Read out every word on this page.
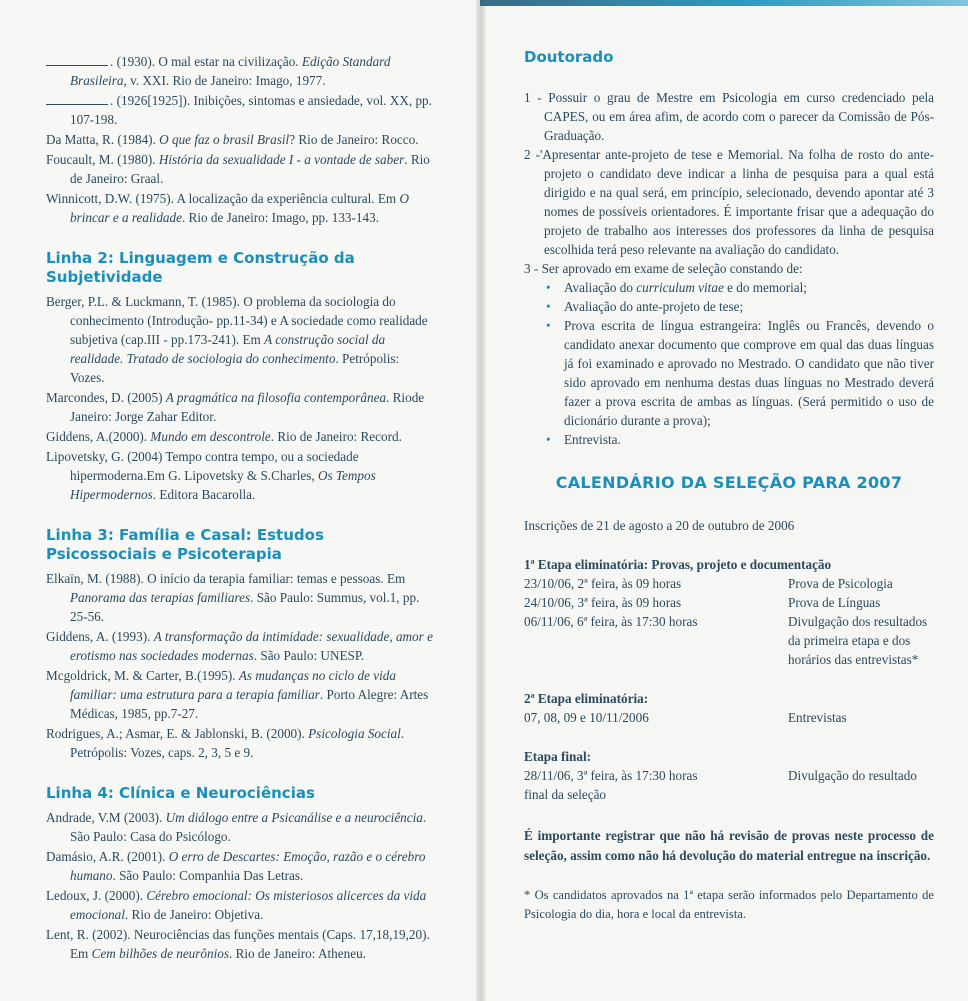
. (1930). O mal estar na civilização. Edição Standard Brasileira, v. XXI. Rio de Janeiro: Imago, 1977.

. (1926[1925]). Inibições, sintomas e ansiedade, vol. XX, pp. 107-198.

Da Matta, R. (1984). O que faz o brasil Brasil? Rio de Janeiro: Rocco.

Foucault, M. (1980). História da sexualidade I - a vontade de saber. Rio de Janeiro: Graal.

Winnicott, D.W. (1975). A localização da experiência cultural. Em O brincar e a realidade. Rio de Janeiro: Imago, pp. 133-143.

Linha 2: Linguagem e Construção da Subjetividade

Berger, P.L. & Luckmann, T. (1985). O problema da sociologia do conhecimento (Introdução- pp.11-34) e A sociedade como realidade subjetiva (cap.III - pp.173-241). Em A construção social da realidade. Tratado de sociologia do conhecimento. Petrópolis: Vozes.

Marcondes, D. (2005) A pragmática na filosofia contemporânea. Riode Janeiro: Jorge Zahar Editor.

Giddens, A.(2000). Mundo em descontrole. Rio de Janeiro: Record.

Lipovetsky, G. (2004) Tempo contra tempo, ou a sociedade hipermoderna.Em G. Lipovetsky & S.Charles, Os Tempos Hipermodernos. Editora Bacarolla.

Linha 3: Família e Casal: Estudos Psicossociais e Psicoterapia

Elkaïn, M. (1988). O início da terapia familiar: temas e pessoas. Em Panorama das terapias familiares. São Paulo: Summus, vol.1, pp. 25-56.

Giddens, A. (1993). A transformação da intimidade: sexualidade, amor e erotismo nas sociedades modernas. São Paulo: UNESP.

Mcgoldrick, M. & Carter, B.(1995). As mudanças no ciclo de vida familiar: uma estrutura para a terapia familiar. Porto Alegre: Artes Médicas, 1985, pp.7-27.

Rodrigues, A.; Asmar, E. & Jablonski, B. (2000). Psicologia Social. Petrópolis: Vozes, caps. 2, 3, 5 e 9.

Linha 4: Clínica e Neurociências

Andrade, V.M (2003). Um diálogo entre a Psicanálise e a neurociência. São Paulo: Casa do Psicólogo.

Damásio, A.R. (2001). O erro de Descartes: Emoção, razão e o cérebro humano. São Paulo: Companhia Das Letras.

Ledoux, J. (2000). Cérebro emocional: Os misteriosos alicerces da vida emocional. Rio de Janeiro: Objetiva.

Lent, R. (2002). Neurociências das funções mentais (Caps. 17,18,19,20). Em Cem bilhões de neurônios. Rio de Janeiro: Atheneu.

Doutorado

1 - Possuir o grau de Mestre em Psicologia em curso credenciado pela CAPES, ou em área afim, de acordo com o parecer da Comissão de Pós- Graduação.

2 -'Apresentar ante-projeto de tese e Memorial. Na folha de rosto do ante-projeto o candidato deve indicar a linha de pesquisa para a qual está dirigido e na qual será, em princípio, selecionado, devendo apontar até 3 nomes de possíveis orientadores. É importante frisar que a adequação do projeto de trabalho aos interesses dos professores da linha de pesquisa escolhida terá peso relevante na avaliação do candidato.

3 - Ser aprovado em exame de seleção constando de:

• Avaliação do curriculum vitae e do memorial;
• Avaliação do ante-projeto de tese;
• Prova escrita de língua estrangeira: Inglês ou Francês, devendo o candidato anexar documento que comprove em qual das duas línguas já foi examinado e aprovado no Mestrado. O candidato que não tiver sido aprovado em nenhuma destas duas línguas no Mestrado deverá fazer a prova escrita de ambas as línguas. (Será permitido o uso de dicionário durante a prova);
• Entrevista.
CALENDÁRIO DA SELEÇÃO PARA 2007

Inscrições de 21 de agosto a 20 de outubro de 2006

1ª Etapa eliminatória: Provas, projeto e documentação

23/10/06, 2ª feira, às 09 horas	Prova de Psicologia
24/10/06, 3ª feira, às 09 horas	Prova de Línguas
06/11/06, 6ª feira, às 17:30 horas	Divulgação dos resultados da primeira etapa e dos horários das entrevistas*

2ª Etapa eliminatória:

07, 08, 09 e 10/11/2006	Entrevistas

Etapa final:

28/11/06, 3ª feira, às 17:30 horas	Divulgação do resultado

final da seleção

É importante registrar que não há revisão de provas neste processo de seleção, assim como não há devolução do material entregue na inscrição.

* Os candidatos aprovados na 1ª etapa serão informados pelo Departamento de Psicologia do dia, hora e local da entrevista.
